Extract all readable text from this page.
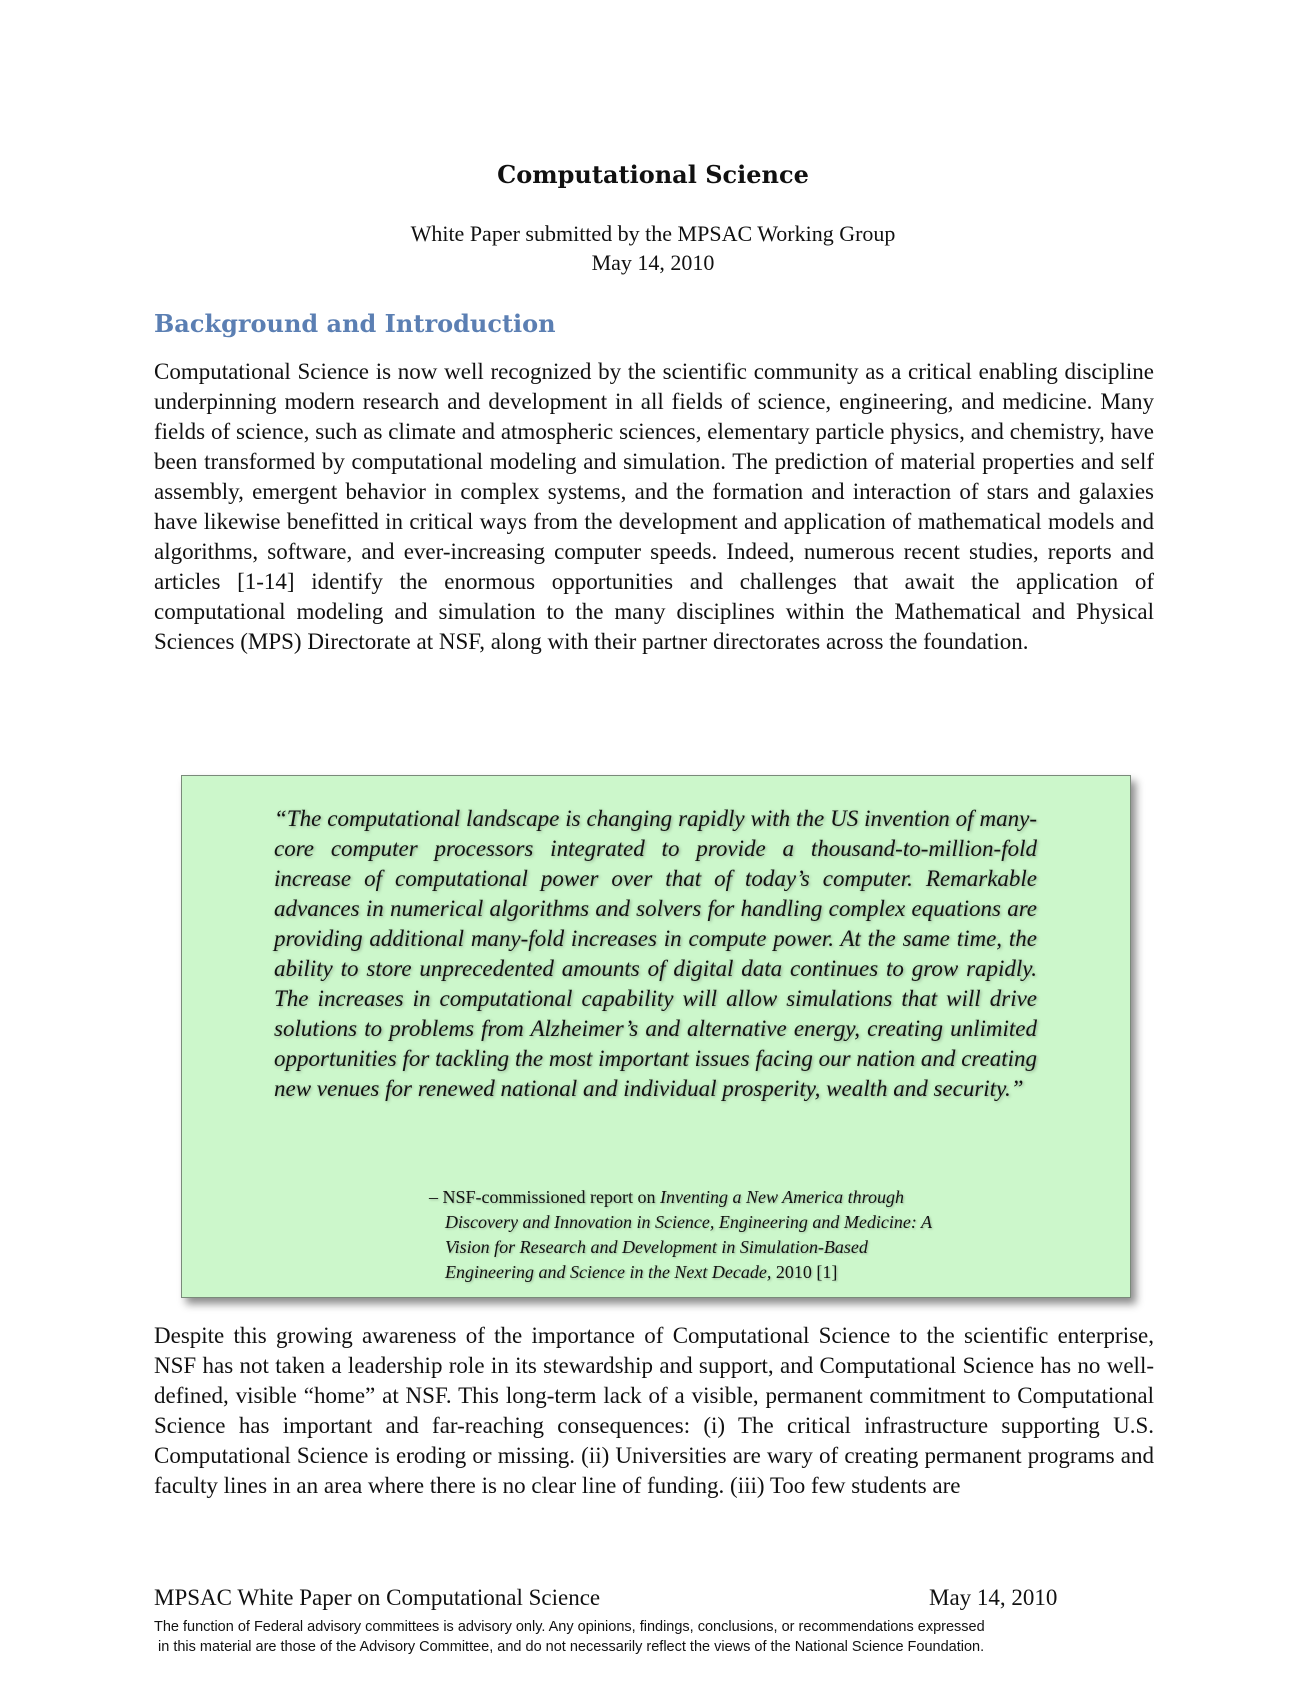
Computational Science
White Paper submitted by the MPSAC Working Group
May 14, 2010
Background and Introduction

Computational Science is now well recognized by the scientific community as a critical enabling discipline underpinning modern research and development in all fields of science, engineering, and medicine. Many fields of science, such as climate and atmospheric sciences, elementary particle physics, and chemistry, have been transformed by computational modeling and simulation. The prediction of material properties and self assembly, emergent behavior in complex systems, and the formation and interaction of stars and galaxies have likewise benefitted in critical ways from the development and application of mathematical models and algorithms, software, and ever-increasing computer speeds. Indeed, numerous recent studies, reports and articles [1-14] identify the enormous opportunities and challenges that await the application of computational modeling and simulation to the many disciplines within the Mathematical and Physical Sciences (MPS) Directorate at NSF, along with their partner directorates across the foundation.

“The computational landscape is changing rapidly with the US invention of many-core computer processors integrated to provide a thousand-to-million-fold increase of computational power over that of today’s computer. Remarkable advances in numerical algorithms and solvers for handling complex equations are providing additional many-fold increases in compute power. At the same time, the ability to store unprecedented amounts of digital data continues to grow rapidly. The increases in computational capability will allow simulations that will drive solutions to problems from Alzheimer’s and alternative energy, creating unlimited opportunities for tackling the most important issues facing our nation and creating new venues for renewed national and individual prosperity, wealth and security.”

– NSF-commissioned report on Inventing a New America through
Discovery and Innovation in Science, Engineering and Medicine: A
Vision for Research and Development in Simulation-Based
Engineering and Science in the Next Decade, 2010 [1]

Despite this growing awareness of the importance of Computational Science to the scientific enterprise, NSF has not taken a leadership role in its stewardship and support, and Computational Science has no well-defined, visible “home” at NSF. This long-term lack of a visible, permanent commitment to Computational Science has important and far-reaching consequences: (i) The critical infrastructure supporting U.S. Computational Science is eroding or missing. (ii) Universities are wary of creating permanent programs and faculty lines in an area where there is no clear line of funding. (iii) Too few students are

MPSAC White Paper on Computational Science	May 14, 2010
The function of Federal advisory committees is advisory only. Any opinions, findings, conclusions, or recommendations expressed
in this material are those of the Advisory Committee, and do not necessarily reflect the views of the National Science Foundation.
